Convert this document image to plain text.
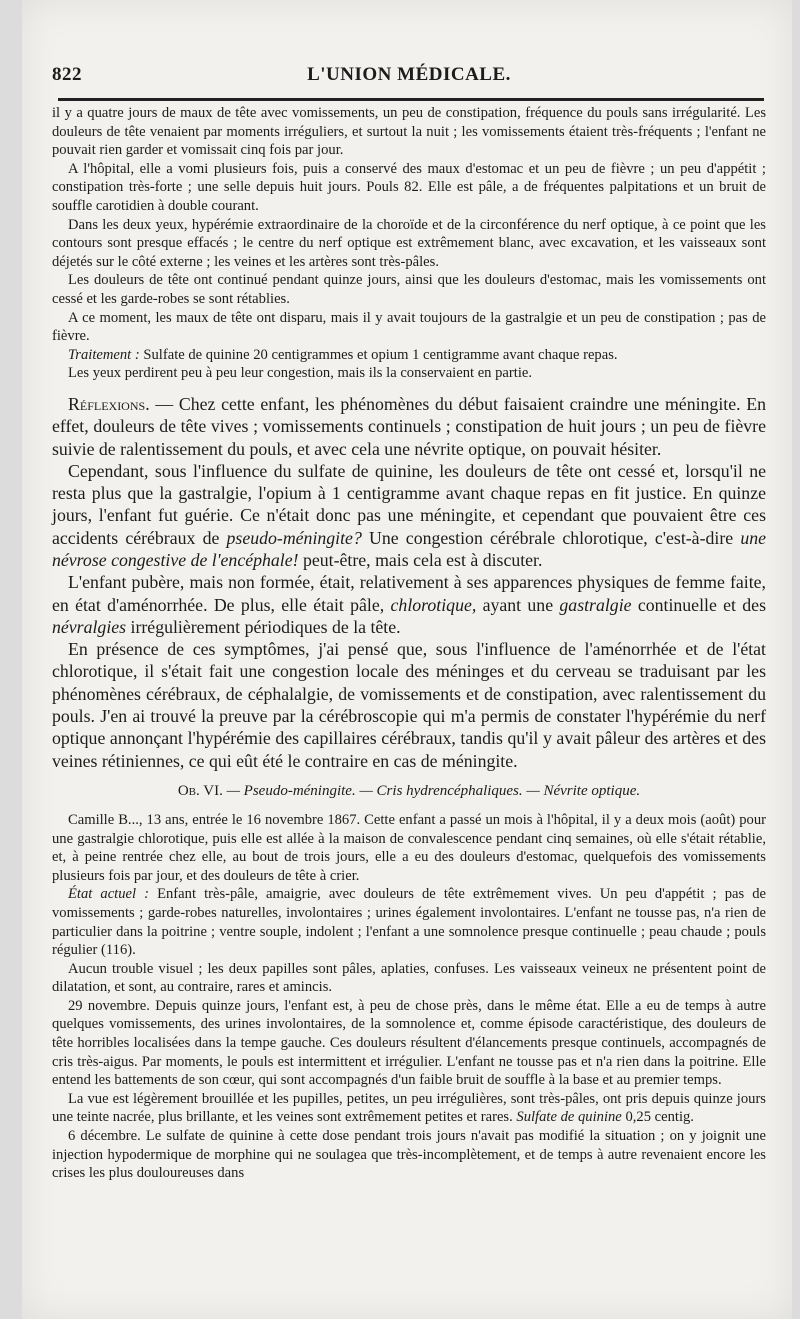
822	L'UNION MÉDICALE.

il y a quatre jours de maux de tête avec vomissements, un peu de constipation, fréquence du pouls sans irrégularité. Les douleurs de tête venaient par moments irréguliers, et surtout la nuit ; les vomissements étaient très-fréquents ; l'enfant ne pouvait rien garder et vomissait cinq fois par jour.

A l'hôpital, elle a vomi plusieurs fois, puis a conservé des maux d'estomac et un peu de fièvre ; un peu d'appétit ; constipation très-forte ; une selle depuis huit jours. Pouls 82. Elle est pâle, a de fréquentes palpitations et un bruit de souffle carotidien à double courant.

Dans les deux yeux, hypérémie extraordinaire de la choroïde et de la circonférence du nerf optique, à ce point que les contours sont presque effacés ; le centre du nerf optique est extrêmement blanc, avec excavation, et les vaisseaux sont déjetés sur le côté externe ; les veines et les artères sont très-pâles.

Les douleurs de tête ont continué pendant quinze jours, ainsi que les douleurs d'estomac, mais les vomissements ont cessé et les garde-robes se sont rétablies.

A ce moment, les maux de tête ont disparu, mais il y avait toujours de la gastralgie et un peu de constipation ; pas de fièvre.

Traitement : Sulfate de quinine 20 centigrammes et opium 1 centigramme avant chaque repas.

Les yeux perdirent peu à peu leur congestion, mais ils la conservaient en partie.

Réflexions. — Chez cette enfant, les phénomènes du début faisaient craindre une méningite. En effet, douleurs de tête vives ; vomissements continuels ; constipation de huit jours ; un peu de fièvre suivie de ralentissement du pouls, et avec cela une névrite optique, on pouvait hésiter.

Cependant, sous l'influence du sulfate de quinine, les douleurs de tête ont cessé et, lorsqu'il ne resta plus que la gastralgie, l'opium à 1 centigramme avant chaque repas en fit justice. En quinze jours, l'enfant fut guérie. Ce n'était donc pas une méningite, et cependant que pouvaient être ces accidents cérébraux de pseudo-méningite? Une congestion cérébrale chlorotique, c'est-à-dire une névrose congestive de l'encéphale! peut-être, mais cela est à discuter.

L'enfant pubère, mais non formée, était, relativement à ses apparences physiques de femme faite, en état d'aménorrhée. De plus, elle était pâle, chlorotique, ayant une gastralgie continuelle et des névralgies irrégulièrement périodiques de la tête.

En présence de ces symptômes, j'ai pensé que, sous l'influence de l'aménorrhée et de l'état chlorotique, il s'était fait une congestion locale des méninges et du cerveau se traduisant par les phénomènes cérébraux, de céphalalgie, de vomissements et de constipation, avec ralentissement du pouls. J'en ai trouvé la preuve par la cérébroscopie qui m'a permis de constater l'hypérémie du nerf optique annonçant l'hypérémie des capillaires cérébraux, tandis qu'il y avait pâleur des artères et des veines rétiniennes, ce qui eût été le contraire en cas de méningite.

Ob. VI. — Pseudo-méningite. — Cris hydrencéphaliques. — Névrite optique.

Camille B..., 13 ans, entrée le 16 novembre 1867. Cette enfant a passé un mois à l'hôpital, il y a deux mois (août) pour une gastralgie chlorotique, puis elle est allée à la maison de convalescence pendant cinq semaines, où elle s'était rétablie, et, à peine rentrée chez elle, au bout de trois jours, elle a eu des douleurs d'estomac, quelquefois des vomissements plusieurs fois par jour, et des douleurs de tête à crier.

État actuel : Enfant très-pâle, amaigrie, avec douleurs de tête extrêmement vives. Un peu d'appétit ; pas de vomissements ; garde-robes naturelles, involontaires ; urines également involontaires. L'enfant ne tousse pas, n'a rien de particulier dans la poitrine ; ventre souple, indolent ; l'enfant a une somnolence presque continuelle ; peau chaude ; pouls régulier (116).

Aucun trouble visuel ; les deux papilles sont pâles, aplaties, confuses. Les vaisseaux veineux ne présentent point de dilatation, et sont, au contraire, rares et amincis.

29 novembre. Depuis quinze jours, l'enfant est, à peu de chose près, dans le même état. Elle a eu de temps à autre quelques vomissements, des urines involontaires, de la somnolence et, comme épisode caractéristique, des douleurs de tête horribles localisées dans la tempe gauche. Ces douleurs résultent d'élancements presque continuels, accompagnés de cris très-aigus. Par moments, le pouls est intermittent et irrégulier. L'enfant ne tousse pas et n'a rien dans la poitrine. Elle entend les battements de son cœur, qui sont accompagnés d'un faible bruit de souffle à la base et au premier temps.

La vue est légèrement brouillée et les pupilles, petites, un peu irrégulières, sont très-pâles, ont pris depuis quinze jours une teinte nacrée, plus brillante, et les veines sont extrêmement petites et rares. Sulfate de quinine 0,25 centig.

6 décembre. Le sulfate de quinine à cette dose pendant trois jours n'avait pas modifié la situation ; on y joignit une injection hypodermique de morphine qui ne soulagea que très-incomplètement, et de temps à autre revenaient encore les crises les plus douloureuses dans
